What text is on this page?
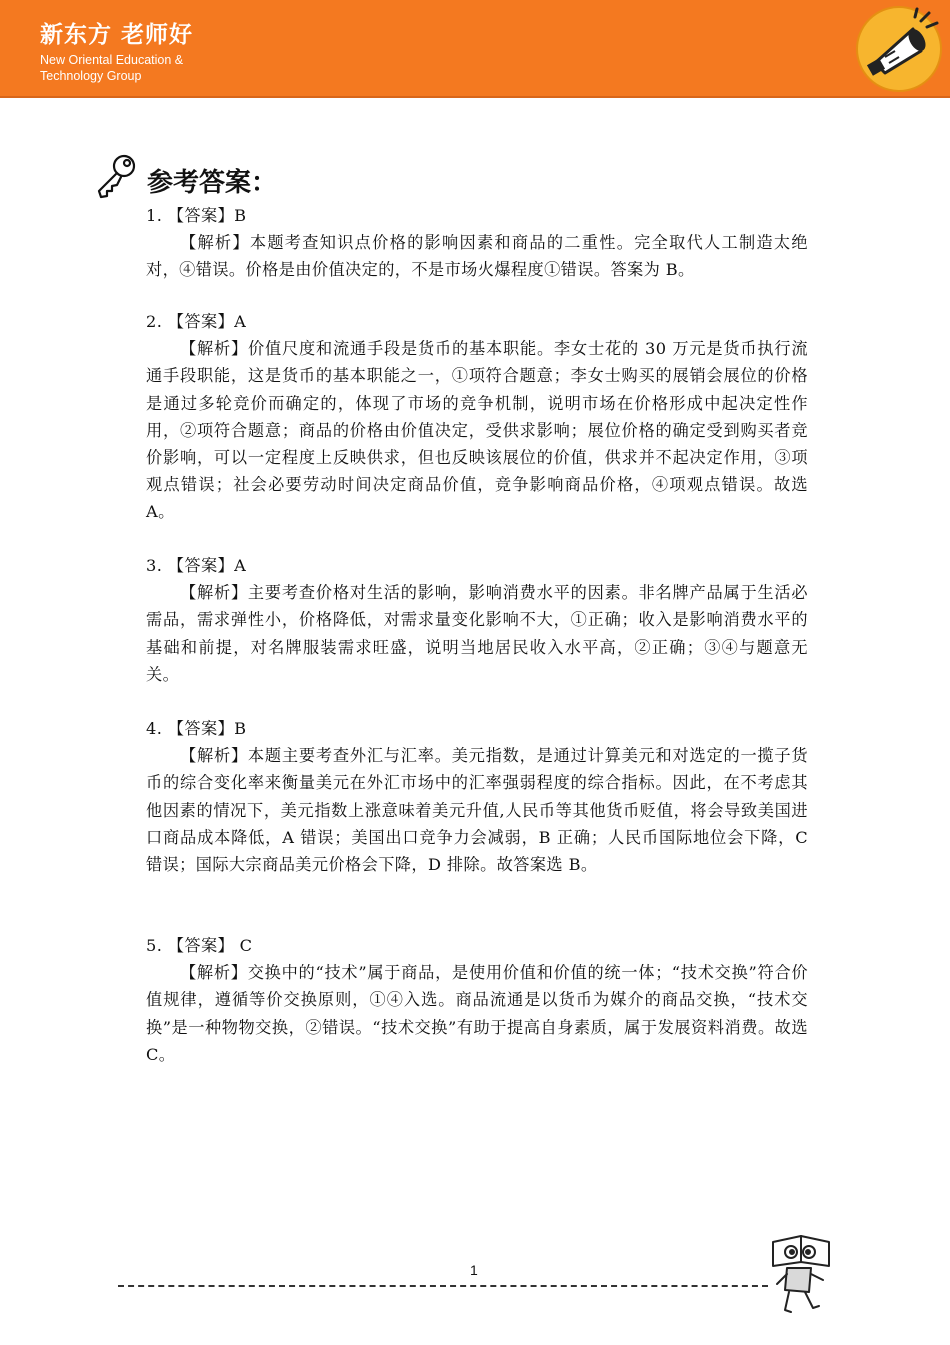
新东方 老师好
New Oriental Education & Technology Group
参考答案：

1. 【答案】B

【解析】本题考查知识点价格的影响因素和商品的二重性。完全取代人工制造太绝对，④错误。价格是由价值决定的，不是市场火爆程度①错误。答案为 B。

2. 【答案】A

【解析】价值尺度和流通手段是货币的基本职能。李女士花的 30 万元是货币执行流通手段职能，这是货币的基本职能之一，①项符合题意；李女士购买的展销会展位的价格是通过多轮竞价而确定的，体现了市场的竞争机制，说明市场在价格形成中起决定性作用，②项符合题意；商品的价格由价值决定，受供求影响；展位价格的确定受到购买者竞价影响，可以一定程度上反映供求，但也反映该展位的价值，供求并不起决定作用，③项观点错误；社会必要劳动时间决定商品价值，竞争影响商品价格，④项观点错误。故选 A。

3. 【答案】A

【解析】主要考查价格对生活的影响，影响消费水平的因素。非名牌产品属于生活必需品，需求弹性小，价格降低，对需求量变化影响不大，①正确；收入是影响消费水平的基础和前提，对名牌服装需求旺盛，说明当地居民收入水平高，②正确；③④与题意无关。

4. 【答案】B

【解析】本题主要考查外汇与汇率。美元指数，是通过计算美元和对选定的一揽子货币的综合变化率来衡量美元在外汇市场中的汇率强弱程度的综合指标。因此，在不考虑其他因素的情况下，美元指数上涨意味着美元升值,人民币等其他货币贬值，将会导致美国进口商品成本降低，A 错误；美国出口竞争力会减弱，B 正确；人民币国际地位会下降，C 错误；国际大宗商品美元价格会下降，D 排除。故答案选 B。

5. 【答案】 C

【解析】交换中的“技术”属于商品，是使用价值和价值的统一体；“技术交换”符合价值规律，遵循等价交换原则，①④入选。商品流通是以货币为媒介的商品交换，“技术交换”是一种物物交换，②错误。“技术交换”有助于提高自身素质，属于发展资料消费。故选 C。

1
